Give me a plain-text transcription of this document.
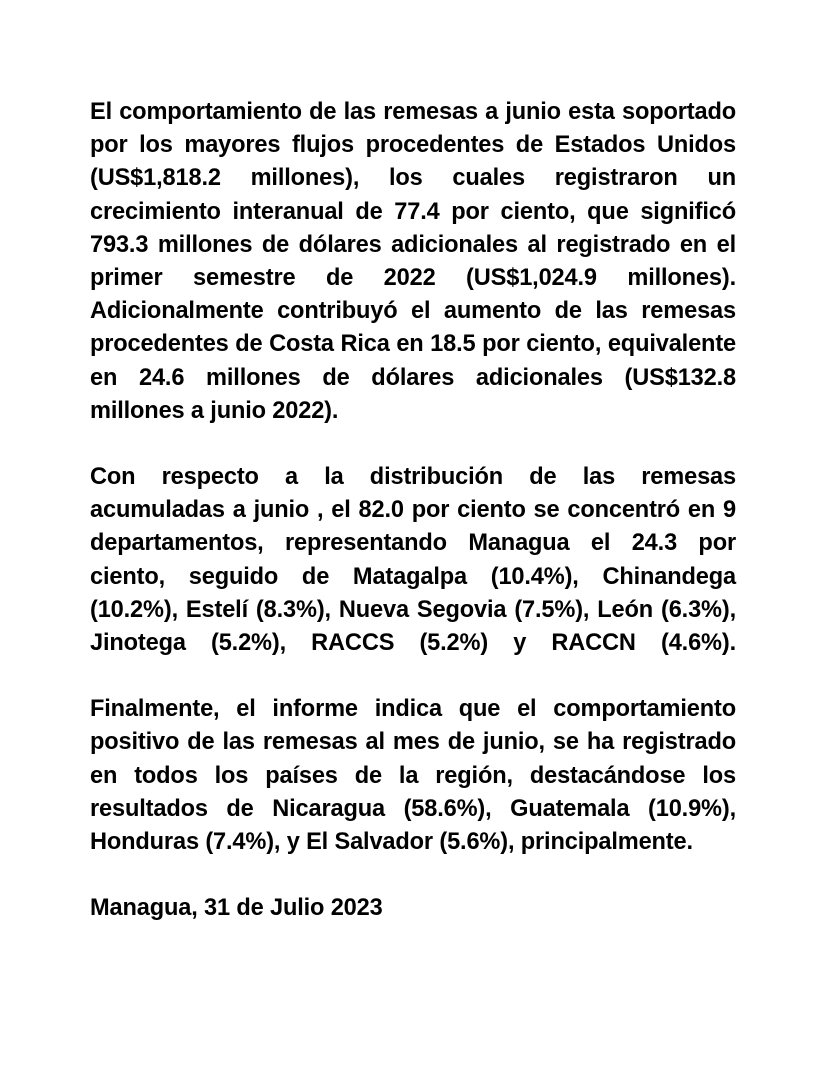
El comportamiento de las remesas a junio esta soportado por los mayores flujos procedentes de Estados Unidos (US$1,818.2 millones), los cuales registraron un crecimiento interanual de 77.4 por ciento, que significó 793.3 millones de dólares adicionales al registrado en el primer semestre de 2022 (US$1,024.9 millones). Adicionalmente contribuyó el aumento de las remesas procedentes de Costa Rica en 18.5 por ciento, equivalente en 24.6 millones de dólares adicionales (US$132.8 millones a junio 2022).

Con respecto a la distribución de las remesas acumuladas a junio , el 82.0 por ciento se concentró en 9 departamentos, representando Managua el 24.3 por ciento, seguido de Matagalpa (10.4%), Chinandega (10.2%), Estelí (8.3%), Nueva Segovia (7.5%), León (6.3%), Jinotega (5.2%), RACCS (5.2%) y RACCN (4.6%).

Finalmente, el informe indica que el comportamiento positivo de las remesas al mes de junio, se ha registrado en todos los países de la región, destacándose los resultados de Nicaragua (58.6%), Guatemala (10.9%), Honduras (7.4%), y El Salvador (5.6%), principalmente.

Managua, 31 de Julio 2023
